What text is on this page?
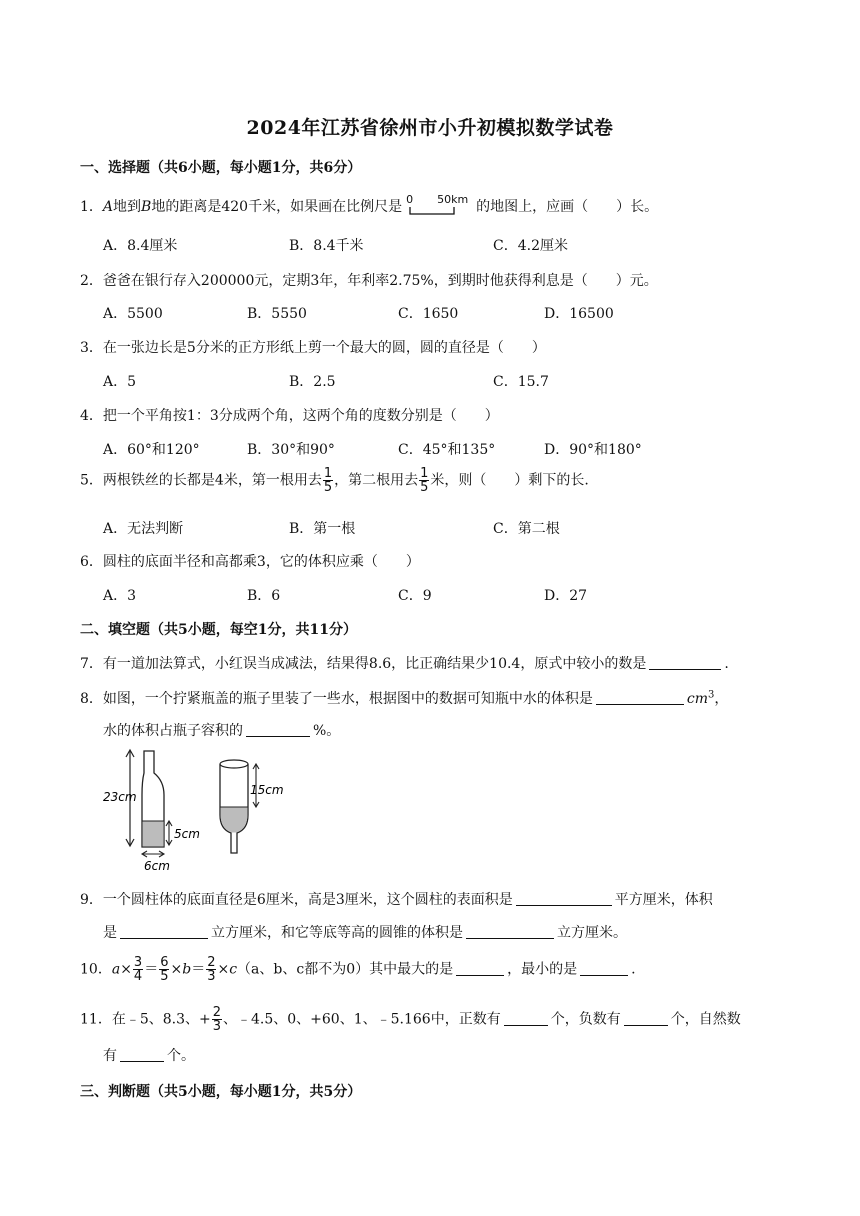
2024年江苏省徐州市小升初模拟数学试卷
一、选择题（共6小题，每小题1分，共6分）
1．A地到B地的距离是420千米，如果画在比例尺是 0 50km 的地图上，应画（　　）长。
A．8.4厘米	B．8.4千米	C．4.2厘米
2．爸爸在银行存入200000元，定期3年，年利率2.75%，到期时他获得利息是（　　）元。
A．5500	B．5550	C．1650	D．16500
3．在一张边长是5分米的正方形纸上剪一个最大的圆，圆的直径是（　　）
A．5	B．2.5	C．15.7
4．把一个平角按1：3分成两个角，这两个角的度数分别是（　　）
A．60°和120°	B．30°和90°	C．45°和135°	D．90°和180°
5．两根铁丝的长都是4米，第一根用去 $\frac{1}{5}$ ，第二根用去 $\frac{1}{5}$ 米，则（　　）剩下的长.
A．无法判断	B．第一根	C．第二根
6．圆柱的底面半径和高都乘3，它的体积应乘（　　）
A．3	B．6	C．9	D．27
二、填空题（共5小题，每空1分，共11分）
7．有一道加法算式，小红误当成减法，结果得8.6，比正确结果少10.4，原式中较小的数是	.
8．如图，一个拧紧瓶盖的瓶子里装了一些水，根据图中的数据可知瓶中水的体积是	$cm^3$，
水的体积占瓶子容积的	%。
23cm
5cm
6cm
15cm
9．一个圆柱体的底面直径是6厘米，高是3厘米，这个圆柱的表面积是	平方厘米，体积
是	立方厘米，和它等底等高的圆锥的体积是	立方厘米。
10．$a\times \frac{3}{4} = \frac{6}{5} \times b= \frac{2}{3} \times c(a$、b、c都不为0）其中最大的是	，最小的是	.
11．在﹣5、8.3、+ $\frac{2}{3}$ 、﹣4.5、0、+60、1、﹣5.166中，正数有	个，负数有	个，自然数
有	个。
三、判断题（共5小题，每小题1分，共5分）
